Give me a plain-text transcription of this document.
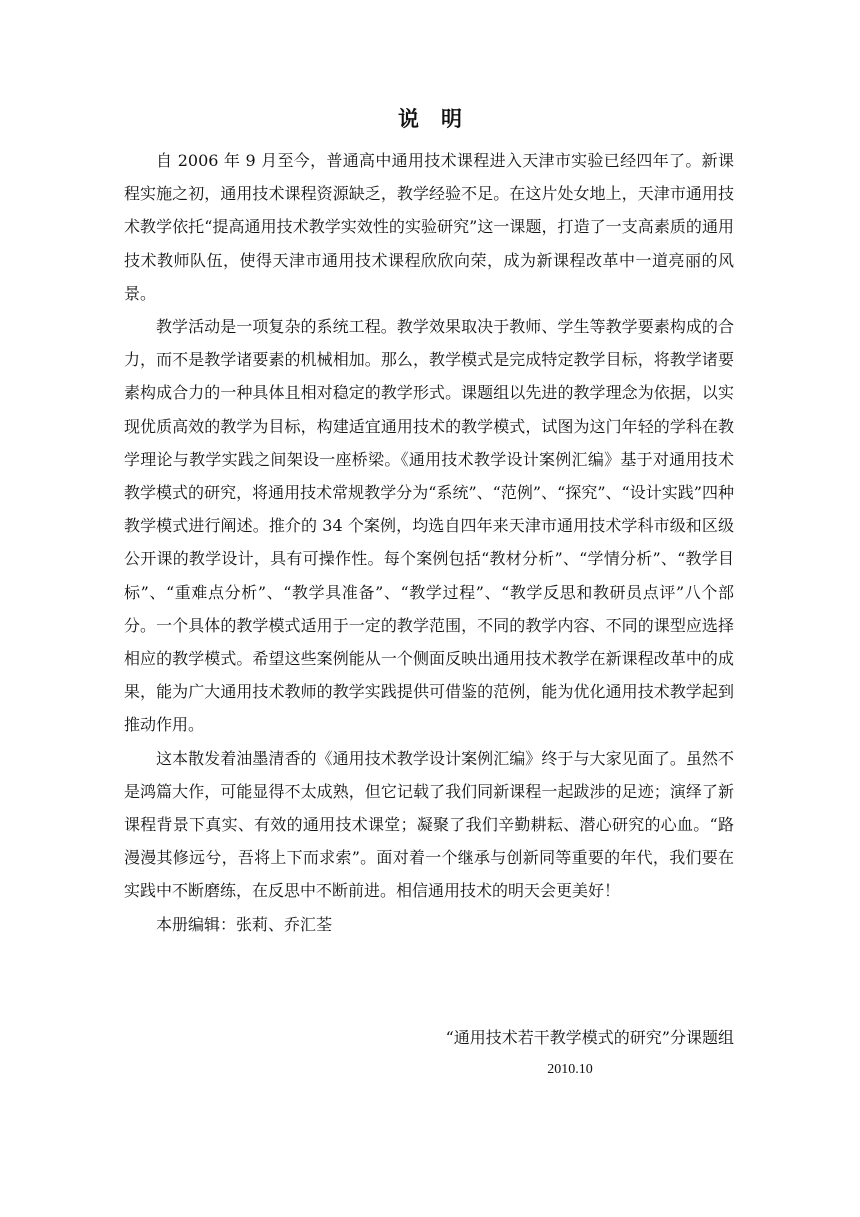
说明

自 2006 年 9 月至今，普通高中通用技术课程进入天津市实验已经四年了。新课程实施之初，通用技术课程资源缺乏，教学经验不足。在这片处女地上，天津市通用技术教学依托“提高通用技术教学实效性的实验研究”这一课题，打造了一支高素质的通用技术教师队伍，使得天津市通用技术课程欣欣向荣，成为新课程改革中一道亮丽的风景。

教学活动是一项复杂的系统工程。教学效果取决于教师、学生等教学要素构成的合力，而不是教学诸要素的机械相加。那么，教学模式是完成特定教学目标，将教学诸要素构成合力的一种具体且相对稳定的教学形式。课题组以先进的教学理念为依据，以实现优质高效的教学为目标，构建适宜通用技术的教学模式，试图为这门年轻的学科在教学理论与教学实践之间架设一座桥梁。《通用技术教学设计案例汇编》基于对通用技术教学模式的研究，将通用技术常规教学分为“系统”、“范例”、“探究”、“设计实践”四种教学模式进行阐述。推介的 34 个案例，均选自四年来天津市通用技术学科市级和区级公开课的教学设计，具有可操作性。每个案例包括“教材分析”、“学情分析”、“教学目标”、“重难点分析”、“教学具准备”、“教学过程”、“教学反思和教研员点评”八个部分。一个具体的教学模式适用于一定的教学范围，不同的教学内容、不同的课型应选择相应的教学模式。希望这些案例能从一个侧面反映出通用技术教学在新课程改革中的成果，能为广大通用技术教师的教学实践提供可借鉴的范例，能为优化通用技术教学起到推动作用。

这本散发着油墨清香的《通用技术教学设计案例汇编》终于与大家见面了。虽然不是鸿篇大作，可能显得不太成熟，但它记载了我们同新课程一起跋涉的足迹；演绎了新课程背景下真实、有效的通用技术课堂；凝聚了我们辛勤耕耘、潜心研究的心血。“路漫漫其修远兮，吾将上下而求索”。面对着一个继承与创新同等重要的年代，我们要在实践中不断磨练，在反思中不断前进。相信通用技术的明天会更美好！

本册编辑：张莉、乔汇荃

“通用技术若干教学模式的研究”分课题组
2010.10
